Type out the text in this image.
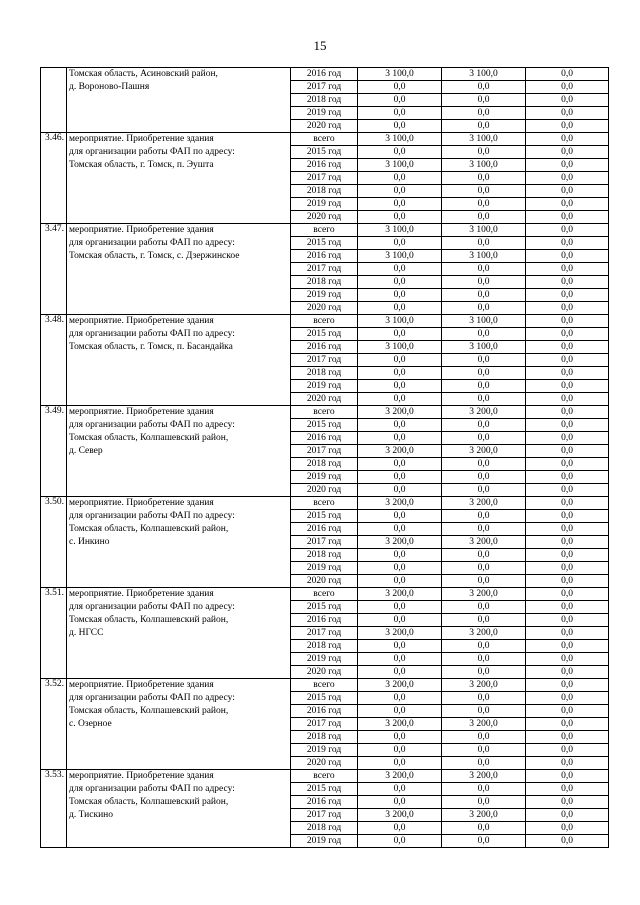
15

	Томская область, Асиновский район,
д. Вороново-Пашня	2016 год	3 100,0	3 100,0	0,0
		2017 год	0,0	0,0	0,0
		2018 год	0,0	0,0	0,0
		2019 год	0,0	0,0	0,0
		2020 год	0,0	0,0	0,0
3.46.	мероприятие. Приобретение здания
для организации работы ФАП по адресу:
Томская область, г. Томск, п. Эушта	всего	3 100,0	3 100,0	0,0
		2015 год	0,0	0,0	0,0
		2016 год	3 100,0	3 100,0	0,0
		2017 год	0,0	0,0	0,0
		2018 год	0,0	0,0	0,0
		2019 год	0,0	0,0	0,0
		2020 год	0,0	0,0	0,0
3.47.	мероприятие. Приобретение здания
для организации работы ФАП по адресу:
Томская область, г. Томск, с. Дзержинское	всего	3 100,0	3 100,0	0,0
		2015 год	0,0	0,0	0,0
		2016 год	3 100,0	3 100,0	0,0
		2017 год	0,0	0,0	0,0
		2018 год	0,0	0,0	0,0
		2019 год	0,0	0,0	0,0
		2020 год	0,0	0,0	0,0
3.48.	мероприятие. Приобретение здания
для организации работы ФАП по адресу:
Томская область, г. Томск, п. Басандайка	всего	3 100,0	3 100,0	0,0
		2015 год	0,0	0,0	0,0
		2016 год	3 100,0	3 100,0	0,0
		2017 год	0,0	0,0	0,0
		2018 год	0,0	0,0	0,0
		2019 год	0,0	0,0	0,0
		2020 год	0,0	0,0	0,0
3.49.	мероприятие. Приобретение здания
для организации работы ФАП по адресу:
Томская область, Колпашевский район,
д. Север	всего	3 200,0	3 200,0	0,0
		2015 год	0,0	0,0	0,0
		2016 год	0,0	0,0	0,0
		2017 год	3 200,0	3 200,0	0,0
		2018 год	0,0	0,0	0,0
		2019 год	0,0	0,0	0,0
		2020 год	0,0	0,0	0,0
3.50.	мероприятие. Приобретение здания
для организации работы ФАП по адресу:
Томская область, Колпашевский район,
с. Инкино	всего	3 200,0	3 200,0	0,0
		2015 год	0,0	0,0	0,0
		2016 год	0,0	0,0	0,0
		2017 год	3 200,0	3 200,0	0,0
		2018 год	0,0	0,0	0,0
		2019 год	0,0	0,0	0,0
		2020 год	0,0	0,0	0,0
3.51.	мероприятие. Приобретение здания
для организации работы ФАП по адресу:
Томская область, Колпашевский район,
д. НГСС	всего	3 200,0	3 200,0	0,0
		2015 год	0,0	0,0	0,0
		2016 год	0,0	0,0	0,0
		2017 год	3 200,0	3 200,0	0,0
		2018 год	0,0	0,0	0,0
		2019 год	0,0	0,0	0,0
		2020 год	0,0	0,0	0,0
3.52.	мероприятие. Приобретение здания
для организации работы ФАП по адресу:
Томская область, Колпашевский район,
с. Озерное	всего	3 200,0	3 200,0	0,0
		2015 год	0,0	0,0	0,0
		2016 год	0,0	0,0	0,0
		2017 год	3 200,0	3 200,0	0,0
		2018 год	0,0	0,0	0,0
		2019 год	0,0	0,0	0,0
		2020 год	0,0	0,0	0,0
3.53.	мероприятие. Приобретение здания
для организации работы ФАП по адресу:
Томская область, Колпашевский район,
д. Тискино	всего	3 200,0	3 200,0	0,0
		2015 год	0,0	0,0	0,0
		2016 год	0,0	0,0	0,0
		2017 год	3 200,0	3 200,0	0,0
		2018 год	0,0	0,0	0,0
		2019 год	0,0	0,0	0,0
